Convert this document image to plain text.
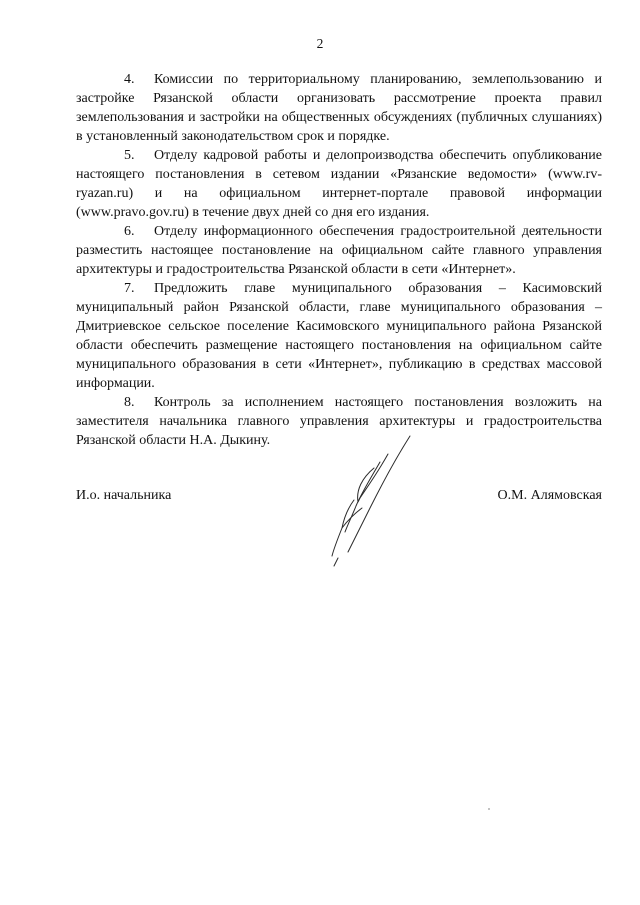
2

4. Комиссии по территориальному планированию, землепользованию и застройке Рязанской области организовать рассмотрение проекта правил землепользования и застройки на общественных обсуждениях (публичных слушаниях) в установленный законодательством срок и порядке.

5. Отделу кадровой работы и делопроизводства обеспечить опубликование настоящего постановления в сетевом издании «Рязанские ведомости» (www.rv-ryazan.ru) и на официальном интернет-портале правовой информации (www.pravo.gov.ru) в течение двух дней со дня его издания.

6. Отделу информационного обеспечения градостроительной деятельности разместить настоящее постановление на официальном сайте главного управления архитектуры и градостроительства Рязанской области в сети «Интернет».

7. Предложить главе муниципального образования – Касимовский муниципальный район Рязанской области, главе муниципального образования – Дмитриевское сельское поселение Касимовского муниципального района Рязанской области обеспечить размещение настоящего постановления на официальном сайте муниципального образования в сети «Интернет», публикацию в средствах массовой информации.

8. Контроль за исполнением настоящего постановления возложить на заместителя начальника главного управления архитектуры и градостроительства Рязанской области Н.А. Дыкину.

И.о. начальника	О.М. Алямовская
